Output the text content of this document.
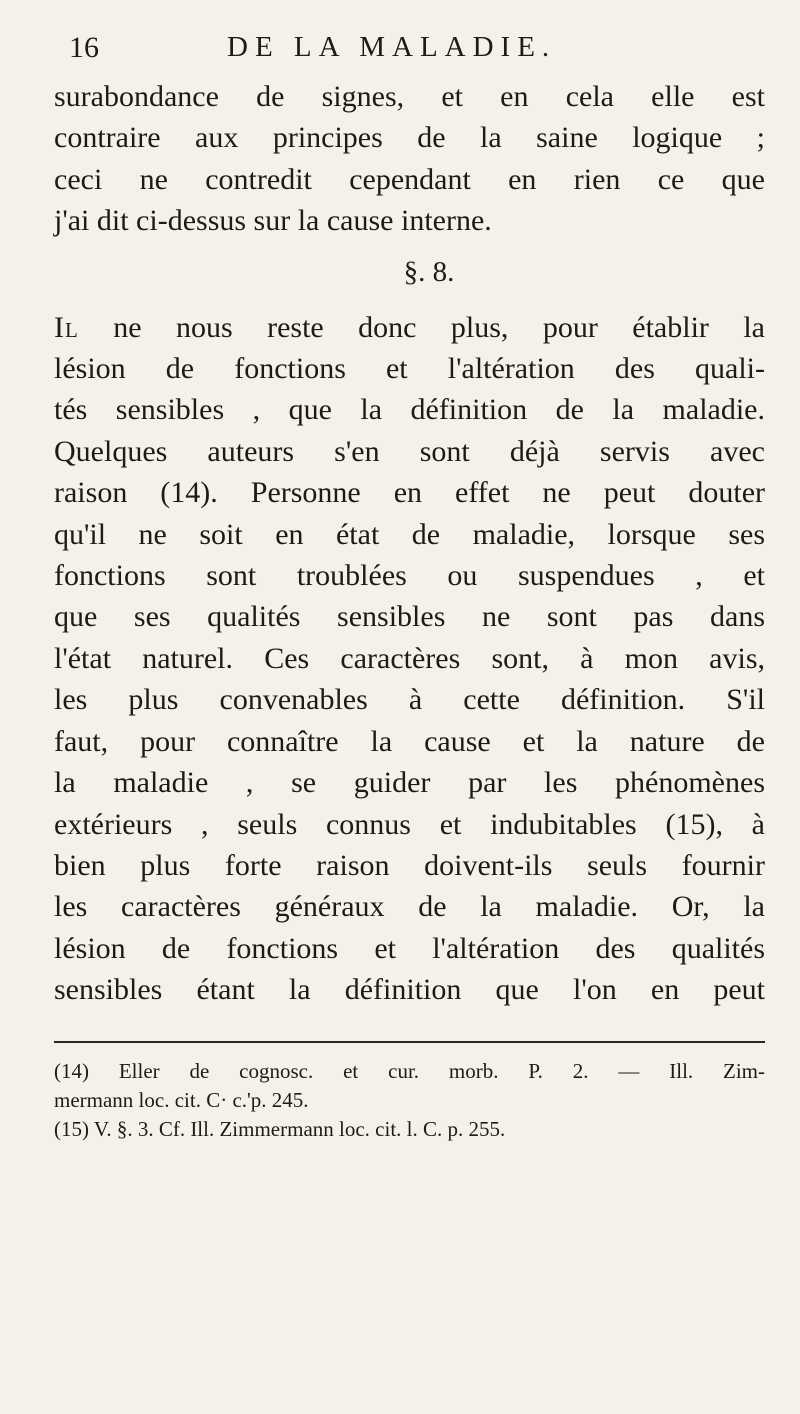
16	DE LA MALADIE.
surabondance de signes, et en cela elle est
contraire aux principes de la saine logique ;
ceci ne contredit cependant en rien ce que
j'ai dit ci-dessus sur la cause interne.
§. 8.
Il ne nous reste donc plus, pour établir la
lésion de fonctions et l'altération des quali-
tés sensibles , que la définition de la maladie.
Quelques auteurs s'en sont déjà servis avec
raison (14). Personne en effet ne peut douter
qu'il ne soit en état de maladie, lorsque ses
fonctions sont troublées ou suspendues , et
que ses qualités sensibles ne sont pas dans
l'état naturel. Ces caractères sont, à mon avis,
les plus convenables à cette définition. S'il
faut, pour connaître la cause et la nature de
la maladie , se guider par les phénomènes
extérieurs , seuls connus et indubitables (15), à
bien plus forte raison doivent-ils seuls fournir
les caractères généraux de la maladie. Or, la
lésion de fonctions et l'altération des qualités
sensibles étant la définition que l'on en peut

(14) Eller de cognosc. et cur. morb. P. 2. — Ill. Zim-

mermann loc. cit. C· c.'p. 245.

(15) V. §. 3. Cf. Ill. Zimmermann loc. cit. l. C. p. 255.
